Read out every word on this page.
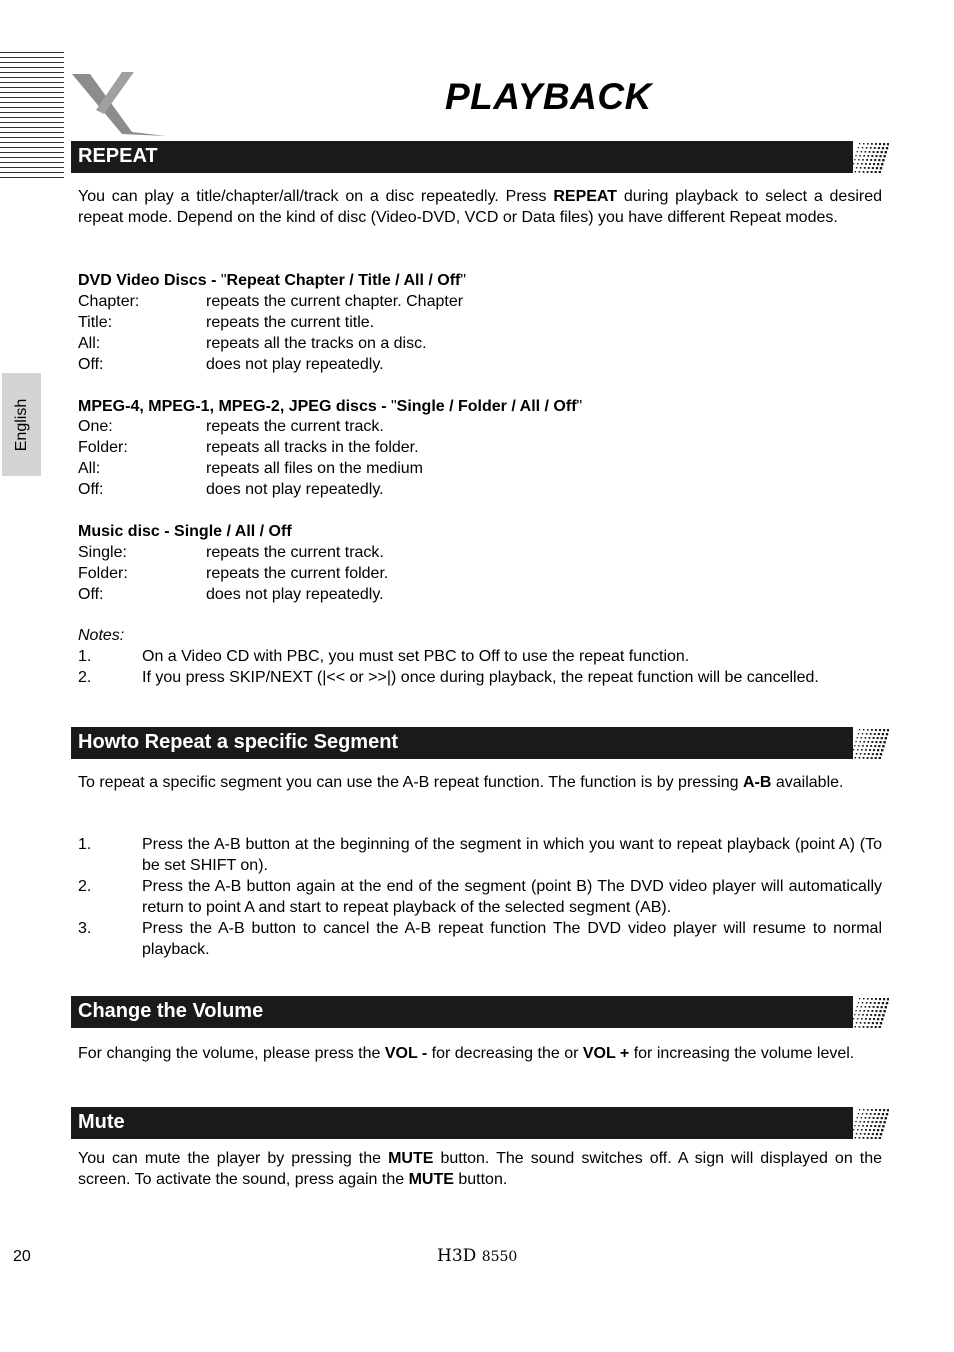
PLAYBACK
English
REPEAT
You can play a title/chapter/all/track on a disc repeatedly. Press REPEAT during playback to select a desired repeat mode. Depend on the kind of disc (Video-DVD, VCD or Data files) you have different Repeat modes.
DVD Video Discs - "Repeat Chapter / Title / All / Off"
Chapter:	repeats the current chapter. Chapter
Title:	repeats the current title.
All:	repeats all the tracks on a disc.
Off:	does not play repeatedly.
MPEG-4, MPEG-1, MPEG-2, JPEG discs - "Single / Folder / All / Off"
One:	repeats the current track.
Folder:	repeats all tracks in the folder.
All:	repeats all files on the medium
Off:	does not play repeatedly.
Music disc - Single / All / Off
Single:	repeats the current track.
Folder:	repeats the current folder.
Off:	does not play repeatedly.
Notes:
1.	On a Video CD with PBC, you must set PBC to Off to use the repeat function.
2.	If you press SKIP/NEXT (|<< or >>|) once during playback, the repeat function will be cancelled.
Howto Repeat a specific Segment
To repeat a specific segment you can use the A-B repeat function. The function is by pressing A-B available.
1.	Press the A-B button at the beginning of the segment in which you want to repeat playback (point A) (To be set SHIFT on).
2.	Press the A-B button again at the end of the segment (point B) The DVD video player will automatically return to point A and start to repeat playback of the selected segment (AB).
3.	Press the A-B button to cancel the A-B repeat function The DVD video player will resume to normal playback.
Change the Volume
For changing the volume, please press the VOL - for decreasing the or VOL + for increasing the volume level.
Mute
You can mute the player by pressing the MUTE button. The sound switches off. A sign will displayed on the screen. To activate the sound, press again the MUTE button.
20	H3D 8550
